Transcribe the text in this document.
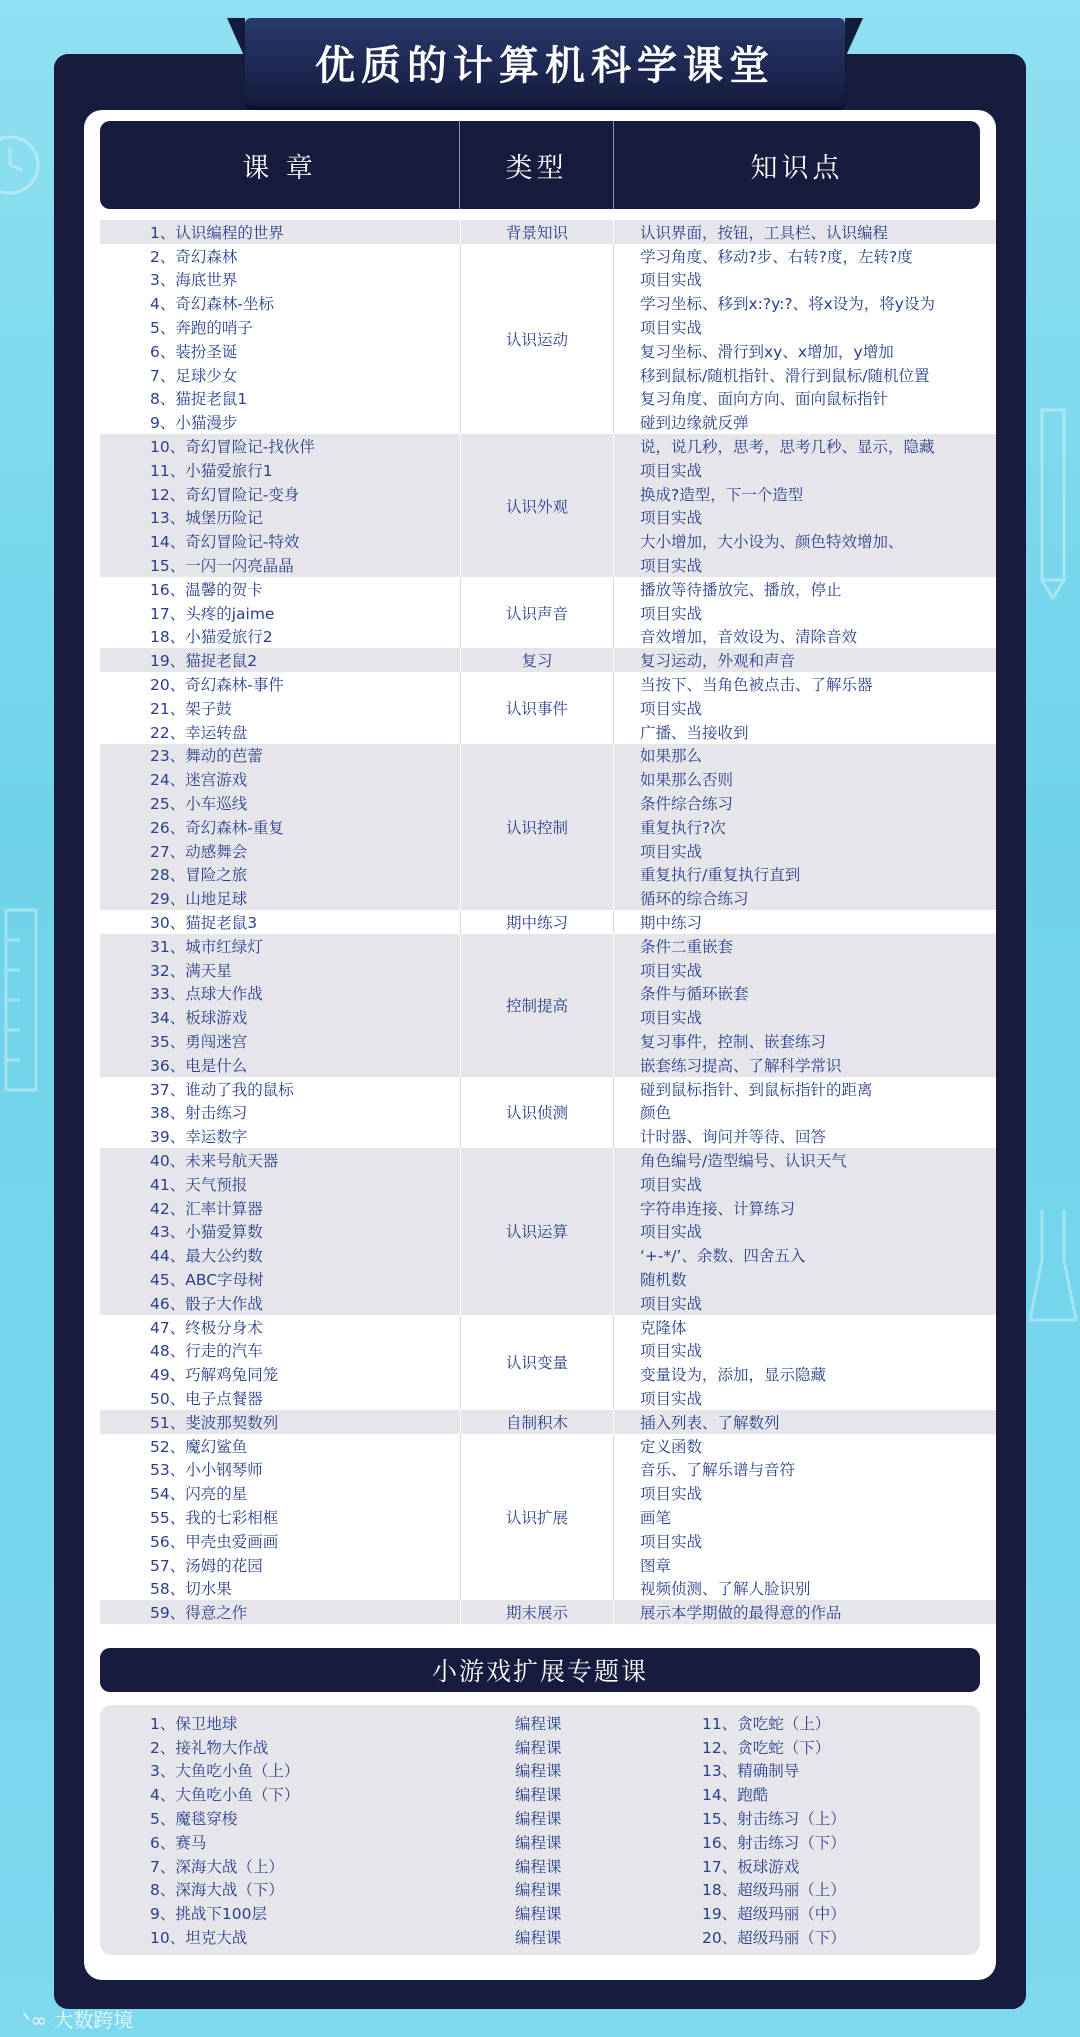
优质的计算机科学课堂
课 章	类型	知识点
背景知识
1、认识编程的世界	认识界面，按钮，工具栏、认识编程
认识运动
2、奇幻森林	学习角度、移动?步、右转?度，左转?度
3、海底世界	项目实战
4、奇幻森林-坐标	学习坐标、移到x:?y:?、将x设为，将y设为
5、奔跑的哨子	项目实战
6、装扮圣诞	复习坐标、滑行到xy、x增加，y增加
7、足球少女	移到鼠标/随机指针、滑行到鼠标/随机位置
8、猫捉老鼠1	复习角度、面向方向、面向鼠标指针
9、小猫漫步	碰到边缘就反弹
认识外观
10、奇幻冒险记-找伙伴	说，说几秒，思考，思考几秒、显示，隐藏
11、小猫爱旅行1	项目实战
12、奇幻冒险记-变身	换成?造型，下一个造型
13、城堡历险记	项目实战
14、奇幻冒险记-特效	大小增加，大小设为、颜色特效增加、
15、一闪一闪亮晶晶	项目实战
认识声音
16、温馨的贺卡	播放等待播放完、播放，停止
17、头疼的jaime	项目实战
18、小猫爱旅行2	音效增加，音效设为、清除音效
复习
19、猫捉老鼠2	复习运动，外观和声音
认识事件
20、奇幻森林-事件	当按下、当角色被点击、了解乐器
21、架子鼓	项目实战
22、幸运转盘	广播、当接收到
认识控制
23、舞动的芭蕾	如果那么
24、迷宫游戏	如果那么否则
25、小车巡线	条件综合练习
26、奇幻森林-重复	重复执行?次
27、动感舞会	项目实战
28、冒险之旅	重复执行/重复执行直到
29、山地足球	循环的综合练习
期中练习
30、猫捉老鼠3	期中练习
控制提高
31、城市红绿灯	条件二重嵌套
32、满天星	项目实战
33、点球大作战	条件与循环嵌套
34、板球游戏	项目实战
35、勇闯迷宫	复习事件，控制、嵌套练习
36、电是什么	嵌套练习提高、了解科学常识
认识侦测
37、谁动了我的鼠标	碰到鼠标指针、到鼠标指针的距离
38、射击练习	颜色
39、幸运数字	计时器、询问并等待、回答
认识运算
40、未来号航天器	角色编号/造型编号、认识天气
41、天气预报	项目实战
42、汇率计算器	字符串连接、计算练习
43、小猫爱算数	项目实战
44、最大公约数	‘+-*/’、余数、四舍五入
45、ABC字母树	随机数
46、骰子大作战	项目实战
认识变量
47、终极分身术	克隆体
48、行走的汽车	项目实战
49、巧解鸡兔同笼	变量设为，添加，显示隐藏
50、电子点餐器	项目实战
自制积木
51、斐波那契数列	插入列表、了解数列
认识扩展
52、魔幻鲨鱼	定义函数
53、小小钢琴师	音乐、了解乐谱与音符
54、闪亮的星	项目实战
55、我的七彩相框	画笔
56、甲壳虫爱画画	项目实战
57、汤姆的花园	图章
58、切水果	视频侦测、了解人脸识别
期末展示
59、得意之作	展示本学期做的最得意的作品
小游戏扩展专题课
1、保卫地球	编程课	11、贪吃蛇（上）
2、接礼物大作战	编程课	12、贪吃蛇（下）
3、大鱼吃小鱼（上）	编程课	13、精确制导
4、大鱼吃小鱼（下）	编程课	14、跑酷
5、魔毯穿梭	编程课	15、射击练习（上）
6、赛马	编程课	16、射击练习（下）
7、深海大战（上）	编程课	17、板球游戏
8、深海大战（下）	编程课	18、超级玛丽（上）
9、挑战下100层	编程课	19、超级玛丽（中）
10、坦克大战	编程课	20、超级玛丽（下）
ᐠ∞ 大数跨境
